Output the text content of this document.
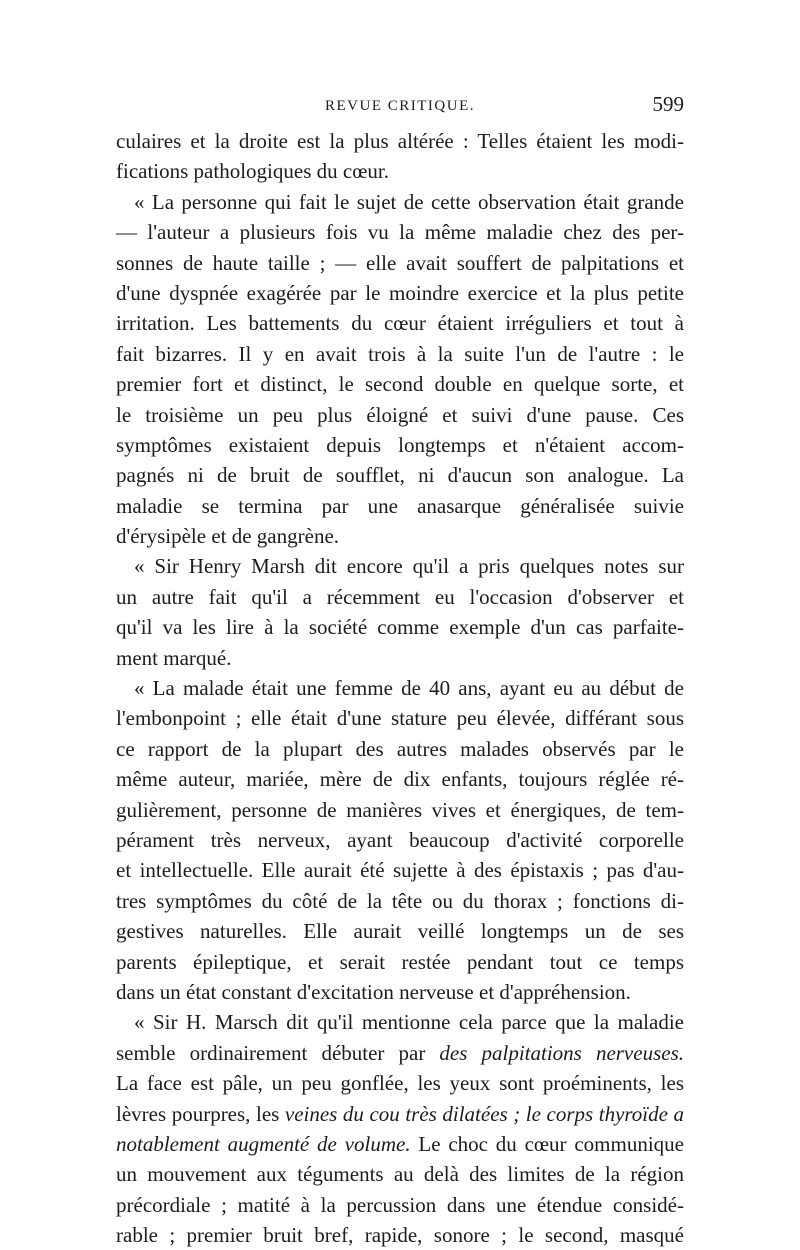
REVUE CRITIQUE.	599
culaires et la droite est la plus altérée : Telles étaient les modi-
fications pathologiques du cœur.
« La personne qui fait le sujet de cette observation était grande
— l'auteur a plusieurs fois vu la même maladie chez des per-
sonnes de haute taille ; — elle avait souffert de palpitations et
d'une dyspnée exagérée par le moindre exercice et la plus petite
irritation. Les battements du cœur étaient irréguliers et tout à
fait bizarres. Il y en avait trois à la suite l'un de l'autre : le
premier fort et distinct, le second double en quelque sorte, et
le troisième un peu plus éloigné et suivi d'une pause. Ces
symptômes existaient depuis longtemps et n'étaient accom-
pagnés ni de bruit de soufflet, ni d'aucun son analogue. La
maladie se termina par une anasarque généralisée suivie
d'érysipèle et de gangrène.
« Sir Henry Marsh dit encore qu'il a pris quelques notes sur
un autre fait qu'il a récemment eu l'occasion d'observer et
qu'il va les lire à la société comme exemple d'un cas parfaite-
ment marqué.
« La malade était une femme de 40 ans, ayant eu au début de
l'embonpoint ; elle était d'une stature peu élevée, différant sous
ce rapport de la plupart des autres malades observés par le
même auteur, mariée, mère de dix enfants, toujours réglée ré-
gulièrement, personne de manières vives et énergiques, de tem-
pérament très nerveux, ayant beaucoup d'activité corporelle
et intellectuelle. Elle aurait été sujette à des épistaxis ; pas d'au-
tres symptômes du côté de la tête ou du thorax ; fonctions di-
gestives naturelles. Elle aurait veillé longtemps un de ses
parents épileptique, et serait restée pendant tout ce temps
dans un état constant d'excitation nerveuse et d'appréhension.
« Sir H. Marsch dit qu'il mentionne cela parce que la maladie
semble ordinairement débuter par des palpitations nerveuses.
La face est pâle, un peu gonflée, les yeux sont proéminents, les
lèvres pourpres, les veines du cou très dilatées ; le corps thyroïde a
notablement augmenté de volume. Le choc du cœur communique
un mouvement aux téguments au delà des limites de la région
précordiale ; matité à la percussion dans une étendue considé-
rable ; premier bruit bref, rapide, sonore ; le second, masqué
